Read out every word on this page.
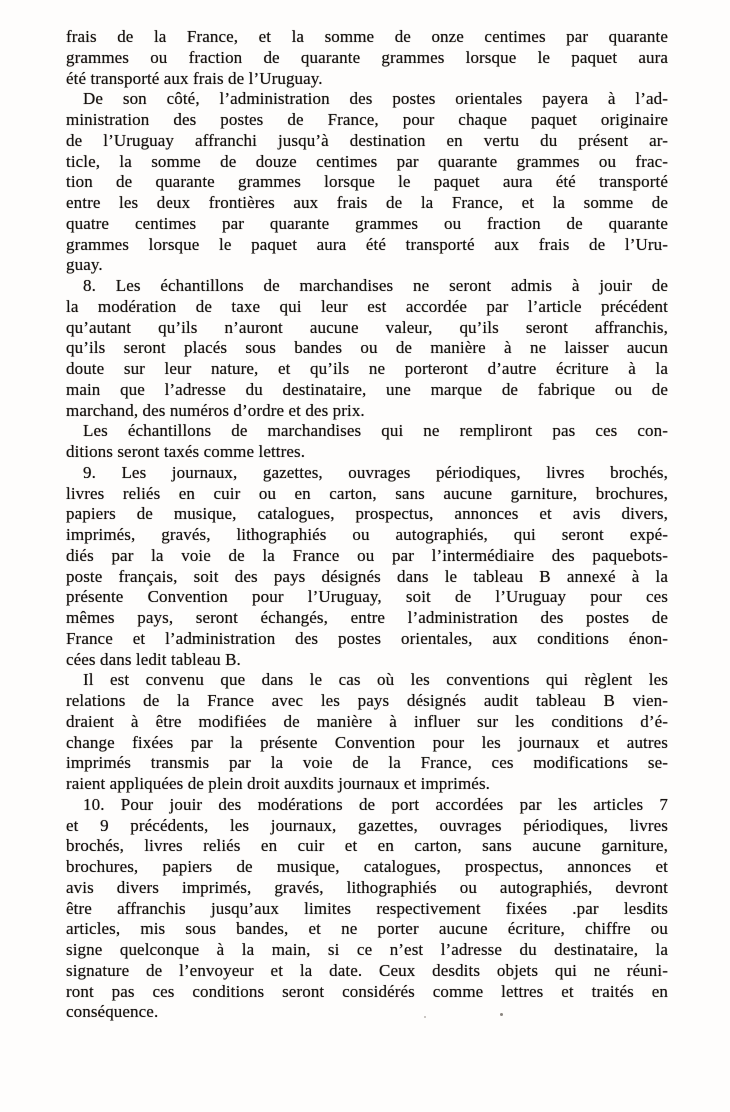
frais de la France, et la somme de onze centimes par quarante
grammes ou fraction de quarante grammes lorsque le paquet aura
été transporté aux frais de l’Uruguay.
De son côté, l’administration des postes orientales payera à l’ad-
ministration des postes de France, pour chaque paquet originaire
de l’Uruguay affranchi jusqu’à destination en vertu du présent ar-
ticle, la somme de douze centimes par quarante grammes ou frac-
tion de quarante grammes lorsque le paquet aura été transporté
entre les deux frontières aux frais de la France, et la somme de
quatre centimes par quarante grammes ou fraction de quarante
grammes lorsque le paquet aura été transporté aux frais de l’Uru-
guay.
8. Les échantillons de marchandises ne seront admis à jouir de
la modération de taxe qui leur est accordée par l’article précédent
qu’autant qu’ils n’auront aucune valeur, qu’ils seront affranchis,
qu’ils seront placés sous bandes ou de manière à ne laisser aucun
doute sur leur nature, et qu’ils ne porteront d’autre écriture à la
main que l’adresse du destinataire, une marque de fabrique ou de
marchand, des numéros d’ordre et des prix.
Les échantillons de marchandises qui ne rempliront pas ces con-
ditions seront taxés comme lettres.
9. Les journaux, gazettes, ouvrages périodiques, livres brochés,
livres reliés en cuir ou en carton, sans aucune garniture, brochures,
papiers de musique, catalogues, prospectus, annonces et avis divers,
imprimés, gravés, lithographiés ou autographiés, qui seront expé-
diés par la voie de la France ou par l’intermédiaire des paquebots-
poste français, soit des pays désignés dans le tableau B annexé à la
présente Convention pour l’Uruguay, soit de l’Uruguay pour ces
mêmes pays, seront échangés, entre l’administration des postes de
France et l’administration des postes orientales, aux conditions énon-
cées dans ledit tableau B.
Il est convenu que dans le cas où les conventions qui règlent les
relations de la France avec les pays désignés audit tableau B vien-
draient à être modifiées de manière à influer sur les conditions d’é-
change fixées par la présente Convention pour les journaux et autres
imprimés transmis par la voie de la France, ces modifications se-
raient appliquées de plein droit auxdits journaux et imprimés.
10. Pour jouir des modérations de port accordées par les articles 7
et 9 précédents, les journaux, gazettes, ouvrages périodiques, livres
brochés, livres reliés en cuir et en carton, sans aucune garniture,
brochures, papiers de musique, catalogues, prospectus, annonces et
avis divers imprimés, gravés, lithographiés ou autographiés, devront
être affranchis jusqu’aux limites respectivement fixées .par lesdits
articles, mis sous bandes, et ne porter aucune écriture, chiffre ou
signe quelconque à la main, si ce n’est l’adresse du destinataire, la
signature de l’envoyeur et la date. Ceux desdits objets qui ne réuni-
ront pas ces conditions seront considérés comme lettres et traités en
conséquence.
